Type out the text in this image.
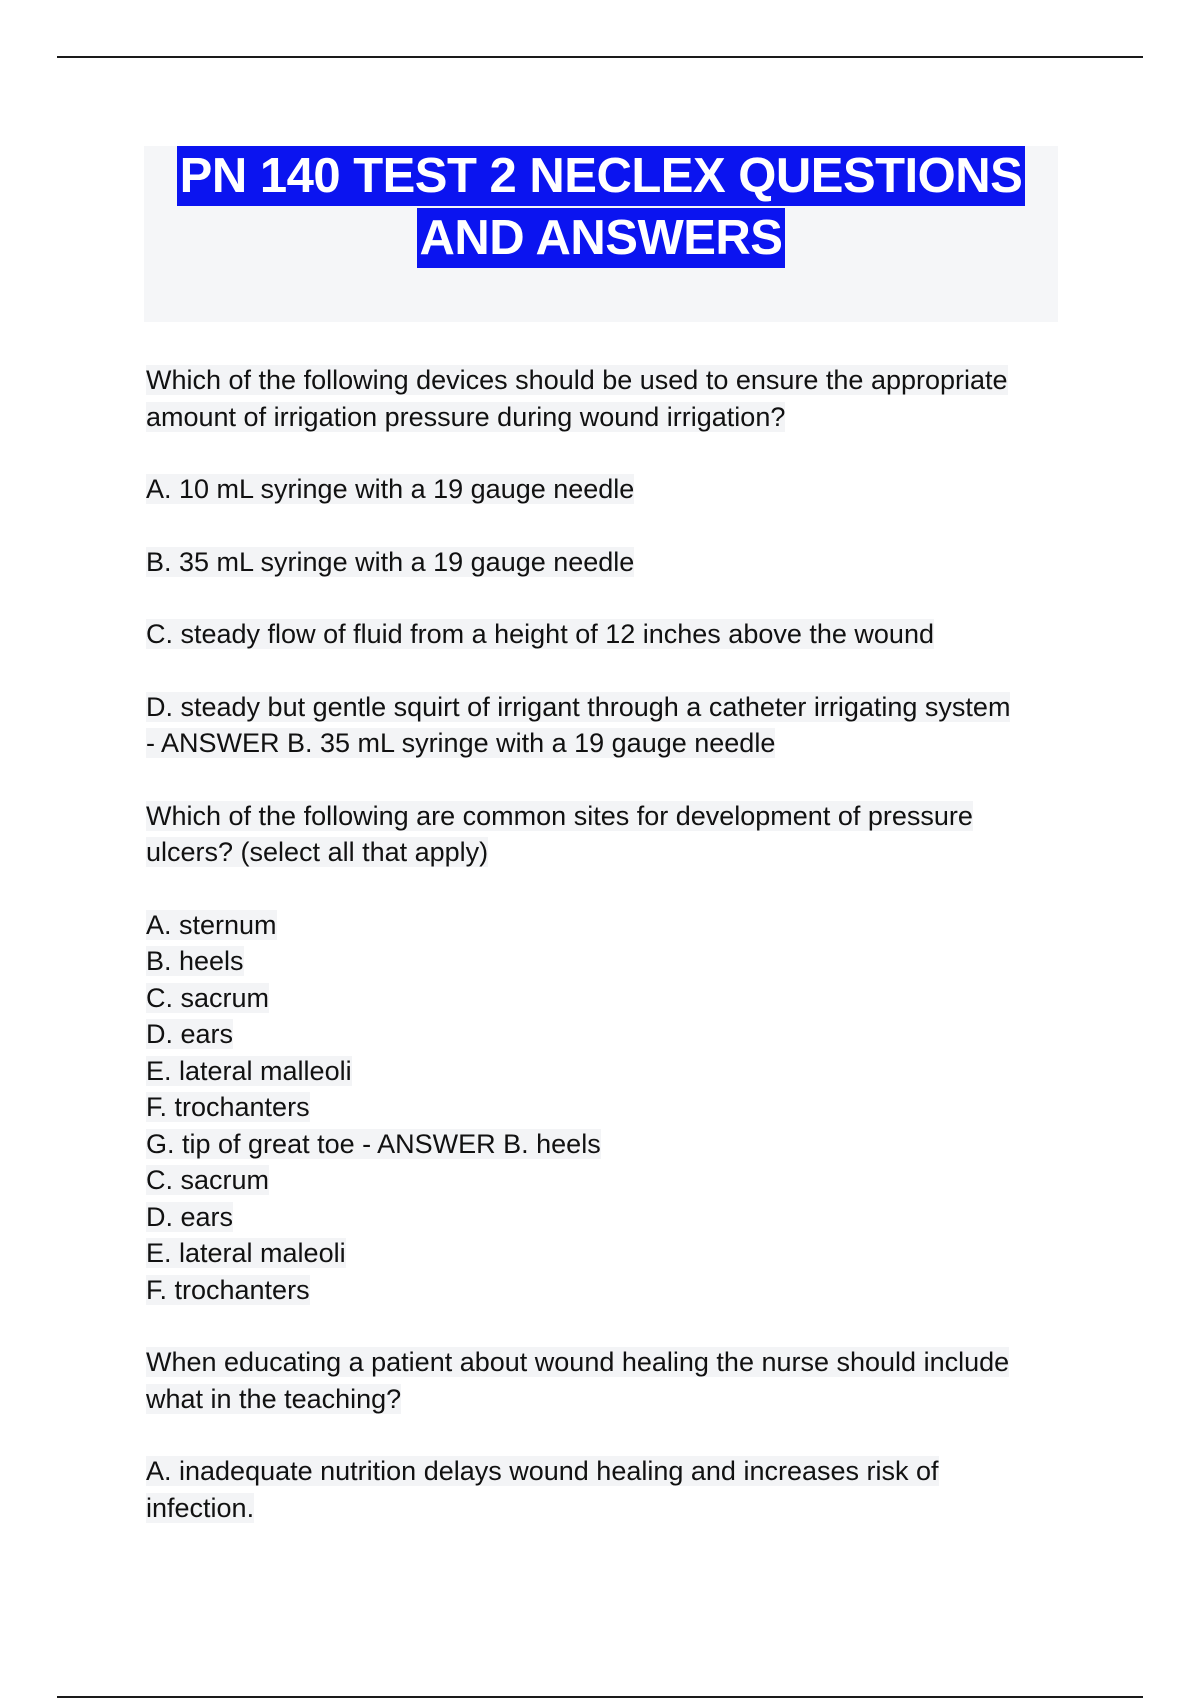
PN 140 TEST 2 NECLEX QUESTIONS
AND ANSWERS
Which of the following devices should be used to ensure the appropriate
amount of irrigation pressure during wound irrigation?
A. 10 mL syringe with a 19 gauge needle
B. 35 mL syringe with a 19 gauge needle
C. steady flow of fluid from a height of 12 inches above the wound
D. steady but gentle squirt of irrigant through a catheter irrigating system
- ANSWER B. 35 mL syringe with a 19 gauge needle
Which of the following are common sites for development of pressure
ulcers? (select all that apply)
A. sternum
B. heels
C. sacrum
D. ears
E. lateral malleoli
F. trochanters
G. tip of great toe - ANSWER B. heels
C. sacrum
D. ears
E. lateral maleoli
F. trochanters
When educating a patient about wound healing the nurse should include
what in the teaching?
A. inadequate nutrition delays wound healing and increases risk of
infection.
